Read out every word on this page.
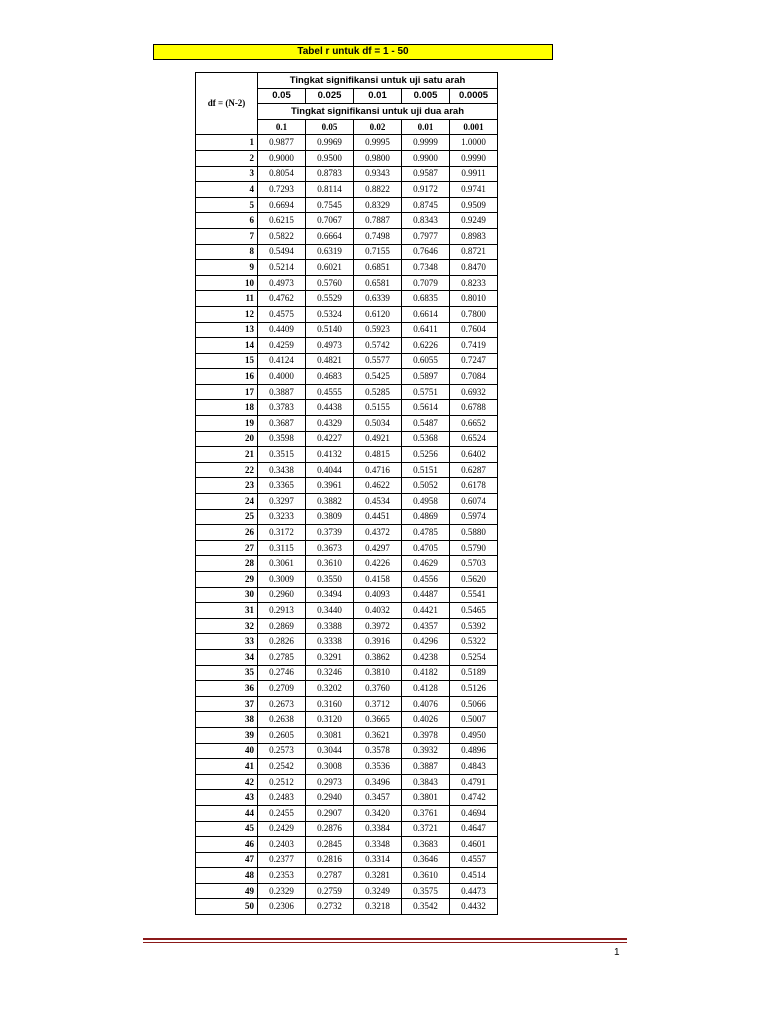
Tabel r untuk df = 1 - 50
df = (N-2)	Tingkat signifikansi untuk uji satu arah				
	0.05	0.025	0.01	0.005	0.0005
	Tingkat signifikansi untuk uji dua arah				
	0.1	0.05	0.02	0.01	0.001
1	0.9877	0.9969	0.9995	0.9999	1.0000
2	0.9000	0.9500	0.9800	0.9900	0.9990
3	0.8054	0.8783	0.9343	0.9587	0.9911
4	0.7293	0.8114	0.8822	0.9172	0.9741
5	0.6694	0.7545	0.8329	0.8745	0.9509
6	0.6215	0.7067	0.7887	0.8343	0.9249
7	0.5822	0.6664	0.7498	0.7977	0.8983
8	0.5494	0.6319	0.7155	0.7646	0.8721
9	0.5214	0.6021	0.6851	0.7348	0.8470
10	0.4973	0.5760	0.6581	0.7079	0.8233
11	0.4762	0.5529	0.6339	0.6835	0.8010
12	0.4575	0.5324	0.6120	0.6614	0.7800
13	0.4409	0.5140	0.5923	0.6411	0.7604
14	0.4259	0.4973	0.5742	0.6226	0.7419
15	0.4124	0.4821	0.5577	0.6055	0.7247
16	0.4000	0.4683	0.5425	0.5897	0.7084
17	0.3887	0.4555	0.5285	0.5751	0.6932
18	0.3783	0.4438	0.5155	0.5614	0.6788
19	0.3687	0.4329	0.5034	0.5487	0.6652
20	0.3598	0.4227	0.4921	0.5368	0.6524
21	0.3515	0.4132	0.4815	0.5256	0.6402
22	0.3438	0.4044	0.4716	0.5151	0.6287
23	0.3365	0.3961	0.4622	0.5052	0.6178
24	0.3297	0.3882	0.4534	0.4958	0.6074
25	0.3233	0.3809	0.4451	0.4869	0.5974
26	0.3172	0.3739	0.4372	0.4785	0.5880
27	0.3115	0.3673	0.4297	0.4705	0.5790
28	0.3061	0.3610	0.4226	0.4629	0.5703
29	0.3009	0.3550	0.4158	0.4556	0.5620
30	0.2960	0.3494	0.4093	0.4487	0.5541
31	0.2913	0.3440	0.4032	0.4421	0.5465
32	0.2869	0.3388	0.3972	0.4357	0.5392
33	0.2826	0.3338	0.3916	0.4296	0.5322
34	0.2785	0.3291	0.3862	0.4238	0.5254
35	0.2746	0.3246	0.3810	0.4182	0.5189
36	0.2709	0.3202	0.3760	0.4128	0.5126
37	0.2673	0.3160	0.3712	0.4076	0.5066
38	0.2638	0.3120	0.3665	0.4026	0.5007
39	0.2605	0.3081	0.3621	0.3978	0.4950
40	0.2573	0.3044	0.3578	0.3932	0.4896
41	0.2542	0.3008	0.3536	0.3887	0.4843
42	0.2512	0.2973	0.3496	0.3843	0.4791
43	0.2483	0.2940	0.3457	0.3801	0.4742
44	0.2455	0.2907	0.3420	0.3761	0.4694
45	0.2429	0.2876	0.3384	0.3721	0.4647
46	0.2403	0.2845	0.3348	0.3683	0.4601
47	0.2377	0.2816	0.3314	0.3646	0.4557
48	0.2353	0.2787	0.3281	0.3610	0.4514
49	0.2329	0.2759	0.3249	0.3575	0.4473
50	0.2306	0.2732	0.3218	0.3542	0.4432
1
